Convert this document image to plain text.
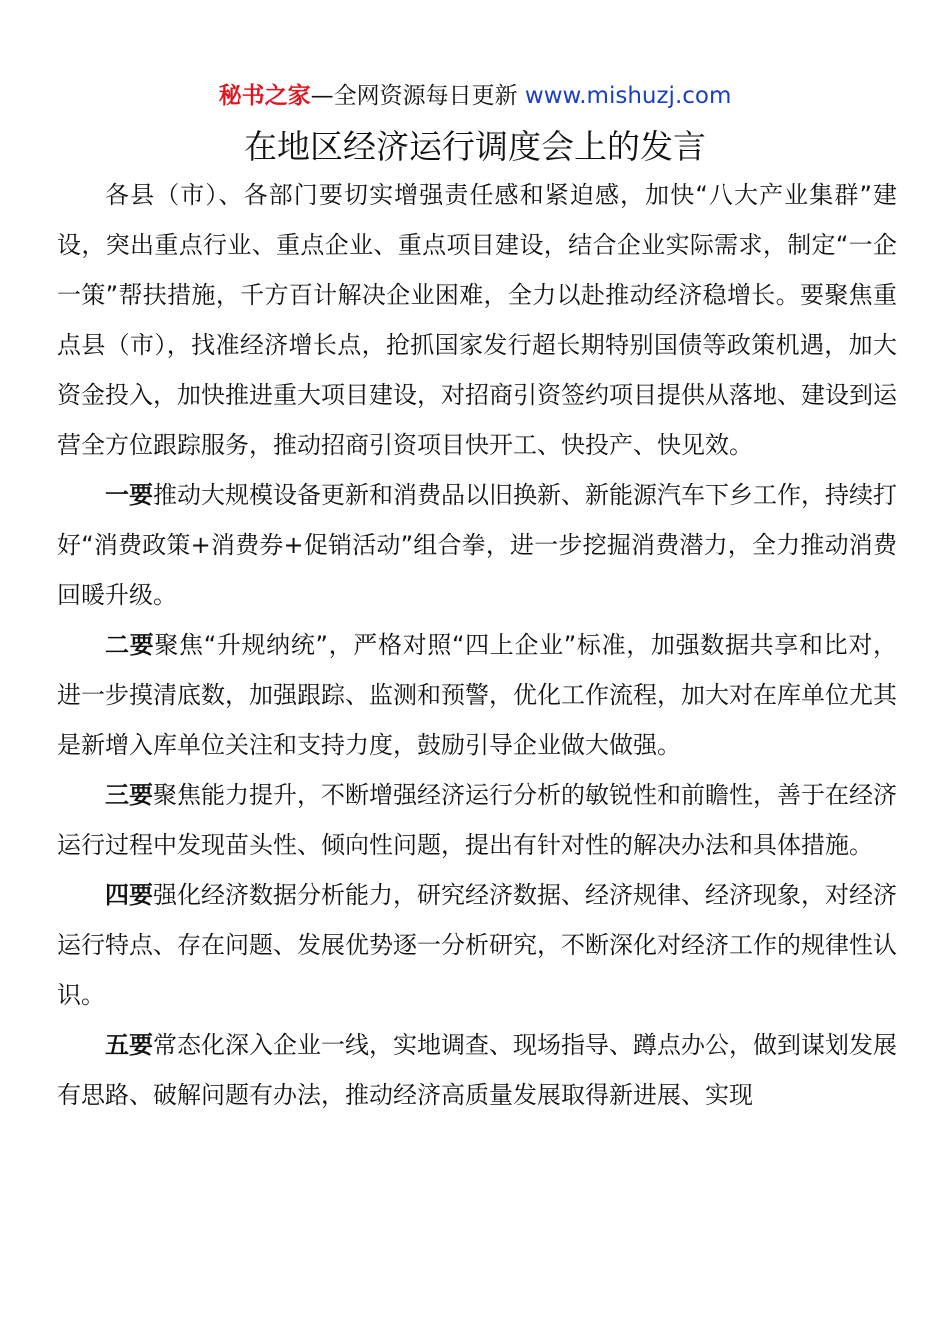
秘书之家—全网资源每日更新 www.mishuzj.com
在地区经济运行调度会上的发言

各县（市）、各部门要切实增强责任感和紧迫感，加快“八大产业集群”建设，突出重点行业、重点企业、重点项目建设，结合企业实际需求，制定“一企一策”帮扶措施，千方百计解决企业困难，全力以赴推动经济稳增长。要聚焦重点县（市），找准经济增长点，抢抓国家发行超长期特别国债等政策机遇，加大资金投入，加快推进重大项目建设，对招商引资签约项目提供从落地、建设到运营全方位跟踪服务，推动招商引资项目快开工、快投产、快见效。

一要推动大规模设备更新和消费品以旧换新、新能源汽车下乡工作，持续打好“消费政策+消费券+促销活动”组合拳，进一步挖掘消费潜力，全力推动消费回暖升级。

二要聚焦“升规纳统”，严格对照“四上企业”标准，加强数据共享和比对，进一步摸清底数，加强跟踪、监测和预警，优化工作流程，加大对在库单位尤其是新增入库单位关注和支持力度，鼓励引导企业做大做强。

三要聚焦能力提升，不断增强经济运行分析的敏锐性和前瞻性，善于在经济运行过程中发现苗头性、倾向性问题，提出有针对性的解决办法和具体措施。

四要强化经济数据分析能力，研究经济数据、经济规律、经济现象，对经济运行特点、存在问题、发展优势逐一分析研究，不断深化对经济工作的规律性认识。

五要常态化深入企业一线，实地调查、现场指导、蹲点办公，做到谋划发展有思路、破解问题有办法，推动经济高质量发展取得新进展、实现
